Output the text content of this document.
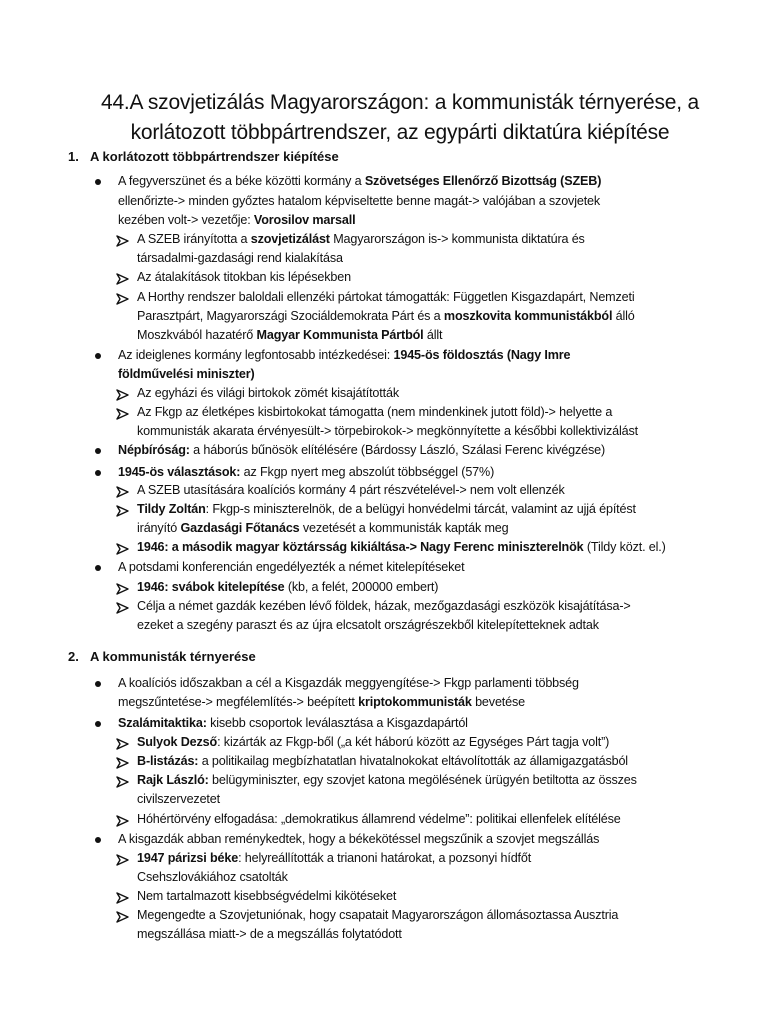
44.A szovjetizálás Magyarországon: a kommunisták térnyerése, a
korlátozott többpártrendszer, az egypárti diktatúra kiépítése
1. A korlátozott többpártrendszer kiépítése
A fegyverszünet és a béke közötti kormány a Szövetséges Ellenőrző Bizottság (SZEB)
ellenőrizte-> minden győztes hatalom képviseltette benne magát-> valójában a szovjetek
kezében volt-> vezetője: Vorosilov marsall
A SZEB irányította a szovjetizálást Magyarországon is-> kommunista diktatúra és
társadalmi-gazdasági rend kialakítása
Az átalakítások titokban kis lépésekben
A Horthy rendszer baloldali ellenzéki pártokat támogatták: Független Kisgazdapárt, Nemzeti
Parasztpárt, Magyarországi Szociáldemokrata Párt és a moszkovita kommunistákból álló
Moszkvából hazatérő Magyar Kommunista Pártból állt
Az ideiglenes kormány legfontosabb intézkedései: 1945-ös földosztás (Nagy Imre
földművelési miniszter)
Az egyházi és világi birtokok zömét kisajátították
Az Fkgp az életképes kisbirtokokat támogatta (nem mindenkinek jutott föld)-> helyette a
kommunisták akarata érvényesült-> törpebirokok-> megkönnyítette a későbbi kollektivizálást
Népbíróság: a háborús bűnösök elítélésére (Bárdossy László, Szálasi Ferenc kivégzése)
1945-ös választások: az Fkgp nyert meg abszolút többséggel (57%)
A SZEB utasítására koalíciós kormány 4 párt részvételével-> nem volt ellenzék
Tildy Zoltán: Fkgp-s miniszterelnök, de a belügyi honvédelmi tárcát, valamint az ujjá építést
irányító Gazdasági Főtanács vezetését a kommunisták kapták meg
1946: a második magyar köztársság kikiáltása-> Nagy Ferenc miniszterelnök (Tildy közt. el.)
A potsdami konferencián engedélyezték a német kitelepítéseket
1946: svábok kitelepítése (kb, a felét, 200000 embert)
Célja a német gazdák kezében lévő földek, házak, mezőgazdasági eszközök kisajátítása->
ezeket a szegény paraszt és az újra elcsatolt országrészekből kitelepítetteknek adtak
2. A kommunisták térnyerése
A koalíciós időszakban a cél a Kisgazdák meggyengítése-> Fkgp parlamenti többség
megszűntetése-> megfélemlítés-> beépített kriptokommunisták bevetése
Szalámitaktika: kisebb csoportok leválasztása a Kisgazdapártól
Sulyok Dezső: kizárták az Fkgp-ből („a két háború között az Egységes Párt tagja volt”)
B-listázás: a politikailag megbízhatatlan hivatalnokokat eltávolították az államigazgatásból
Rajk László: belügyminiszter, egy szovjet katona megölésének ürügyén betiltotta az összes
civilszervezetet
Hóhértörvény elfogadása: „demokratikus államrend védelme”: politikai ellenfelek elítélése
A kisgazdák abban reménykedtek, hogy a békekötéssel megszűnik a szovjet megszállás
1947 párizsi béke: helyreállították a trianoni határokat, a pozsonyi hídfőt
Csehszlovákiához csatolták
Nem tartalmazott kisebbségvédelmi kikötéseket
Megengedte a Szovjetuniónak, hogy csapatait Magyarországon állomásoztassa Ausztria
megszállása miatt-> de a megszállás folytatódott
